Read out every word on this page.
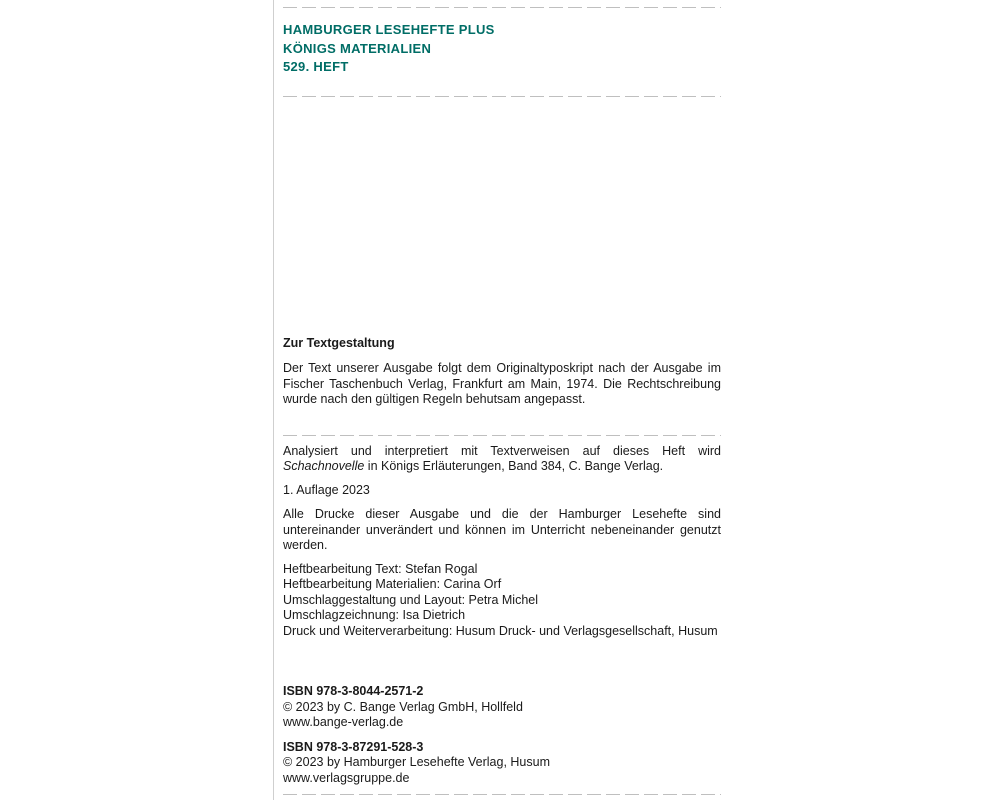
HAMBURGER LESEHEFTE PLUS
KÖNIGS MATERIALIEN
529. HEFT
Zur Textgestaltung

Der Text unserer Ausgabe folgt dem Originaltyposkript nach der Ausgabe im Fischer Taschenbuch Verlag, Frankfurt am Main, 1974. Die Rechtschreibung wurde nach den gültigen Regeln behutsam angepasst.

Analysiert und interpretiert mit Textverweisen auf dieses Heft wird Schachnovelle in Königs Erläuterungen, Band 384, C. Bange Verlag.

1. Auflage 2023

Alle Drucke dieser Ausgabe und die der Hamburger Lesehefte sind untereinander unverändert und können im Unterricht nebeneinander genutzt werden.

Heftbearbeitung Text: Stefan Rogal
Heftbearbeitung Materialien: Carina Orf
Umschlaggestaltung und Layout: Petra Michel
Umschlagzeichnung: Isa Dietrich
Druck und Weiterverarbeitung: Husum Druck- und Verlagsgesellschaft, Husum
ISBN 978-3-8044-2571-2
© 2023 by C. Bange Verlag GmbH, Hollfeld
www.bange-verlag.de
ISBN 978-3-87291-528-3
© 2023 by Hamburger Lesehefte Verlag, Husum
www.verlagsgruppe.de
